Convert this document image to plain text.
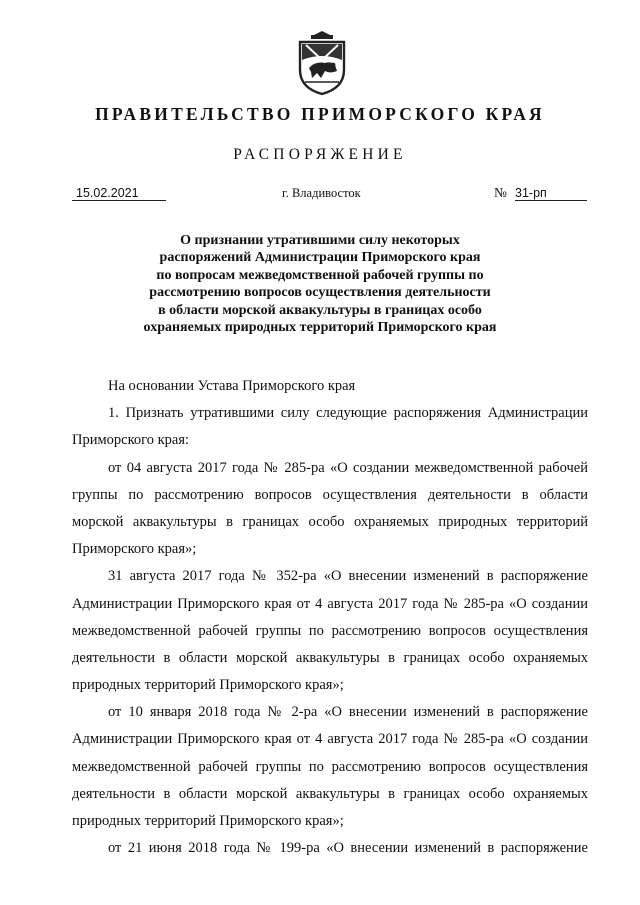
ПРАВИТЕЛЬСТВО ПРИМОРСКОГО КРАЯ
РАСПОРЯЖЕНИЕ
15.02.2021	г. Владивосток	№ 31-рп
О признании утратившими силу некоторых
распоряжений Администрации Приморского края
по вопросам межведомственной рабочей группы по
рассмотрению вопросов осуществления деятельности
в области морской аквакультуры в границах особо
охраняемых природных территорий Приморского края
На основании Устава Приморского края
1. Признать утратившими силу следующие распоряжения Администрации
Приморского края:
от 04 августа 2017 года № 285-ра «О создании межведомственной рабочей
группы по рассмотрению вопросов осуществления деятельности в области
морской аквакультуры в границах особо охраняемых природных территорий
Приморского края»;
31 августа 2017 года № 352-ра «О внесении изменений в распоряжение
Администрации Приморского края от 4 августа 2017 года № 285-ра «О создании
межведомственной рабочей группы по рассмотрению вопросов осуществления
деятельности в области морской аквакультуры в границах особо охраняемых
природных территорий Приморского края»;
от 10 января 2018 года № 2-ра «О внесении изменений в распоряжение
Администрации Приморского края от 4 августа 2017 года № 285-ра «О создании
межведомственной рабочей группы по рассмотрению вопросов осуществления
деятельности в области морской аквакультуры в границах особо охраняемых
природных территорий Приморского края»;
от 21 июня 2018 года № 199-ра «О внесении изменений в распоряжение
